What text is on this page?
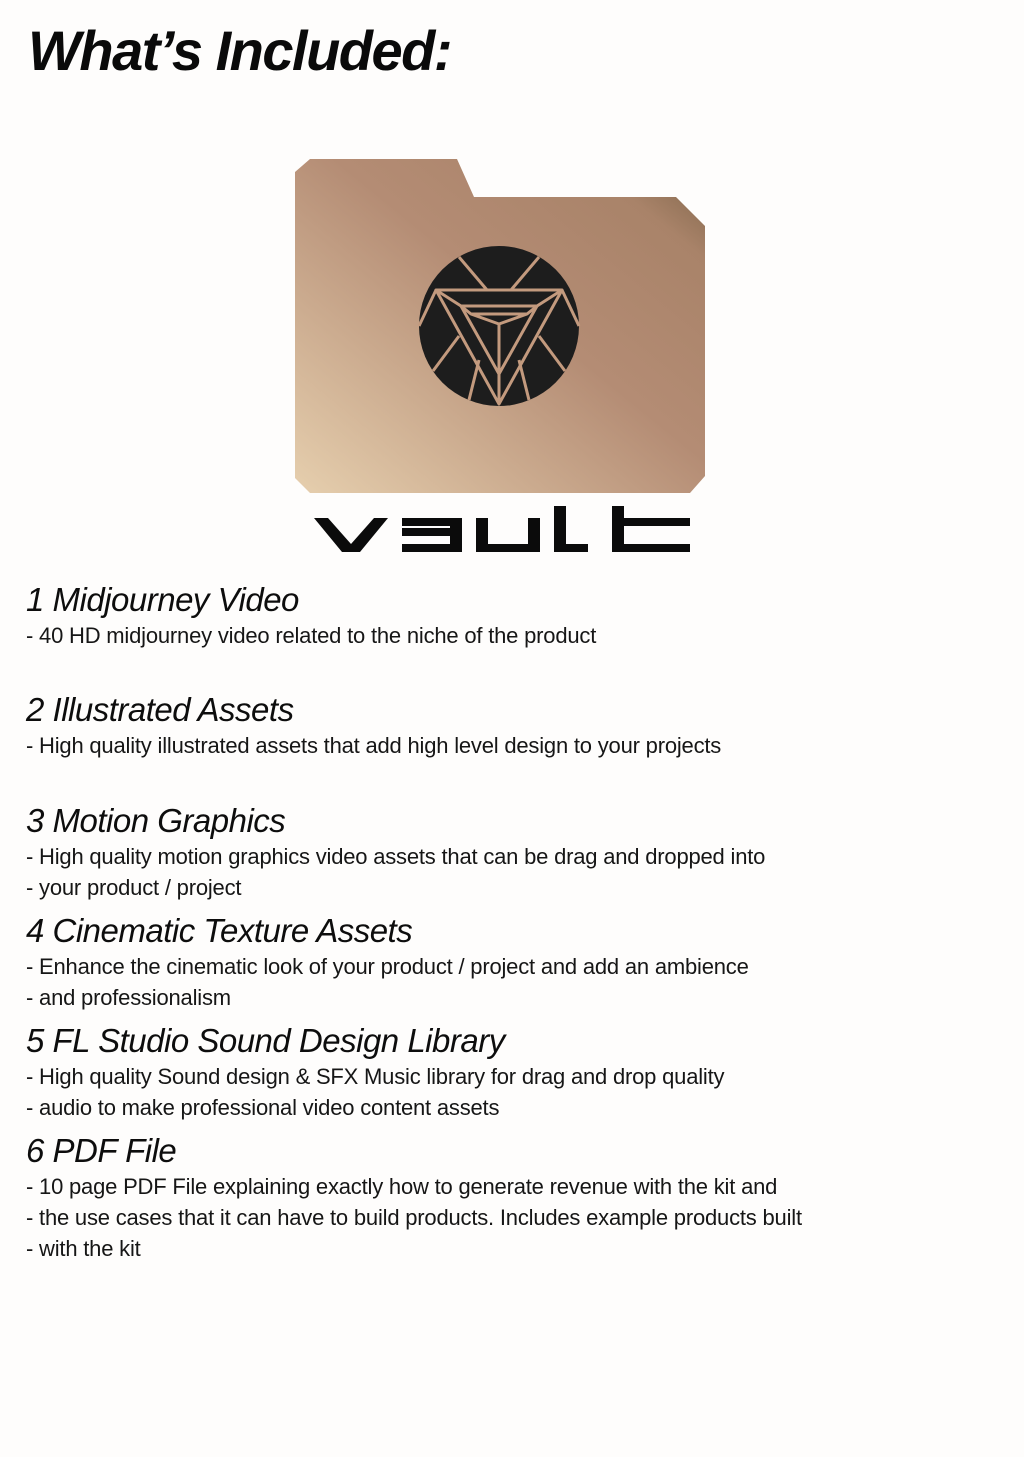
What’s Included:
1 Midjourney Video

- 40 HD midjourney video related to the niche of the product

2 Illustrated Assets

- High quality illustrated assets that add high level design to your projects

3 Motion Graphics

- High quality motion graphics video assets that can be drag and dropped into

- your product / project

4 Cinematic Texture Assets

- Enhance the cinematic look of your product / project and add an ambience

- and professionalism

5 FL Studio Sound Design Library

- High quality Sound design & SFX Music library for drag and drop quality

- audio to make professional video content assets

6 PDF File

- 10 page PDF File explaining exactly how to generate revenue with the kit and

- the use cases that it can have to build products. Includes example products built

- with the kit
